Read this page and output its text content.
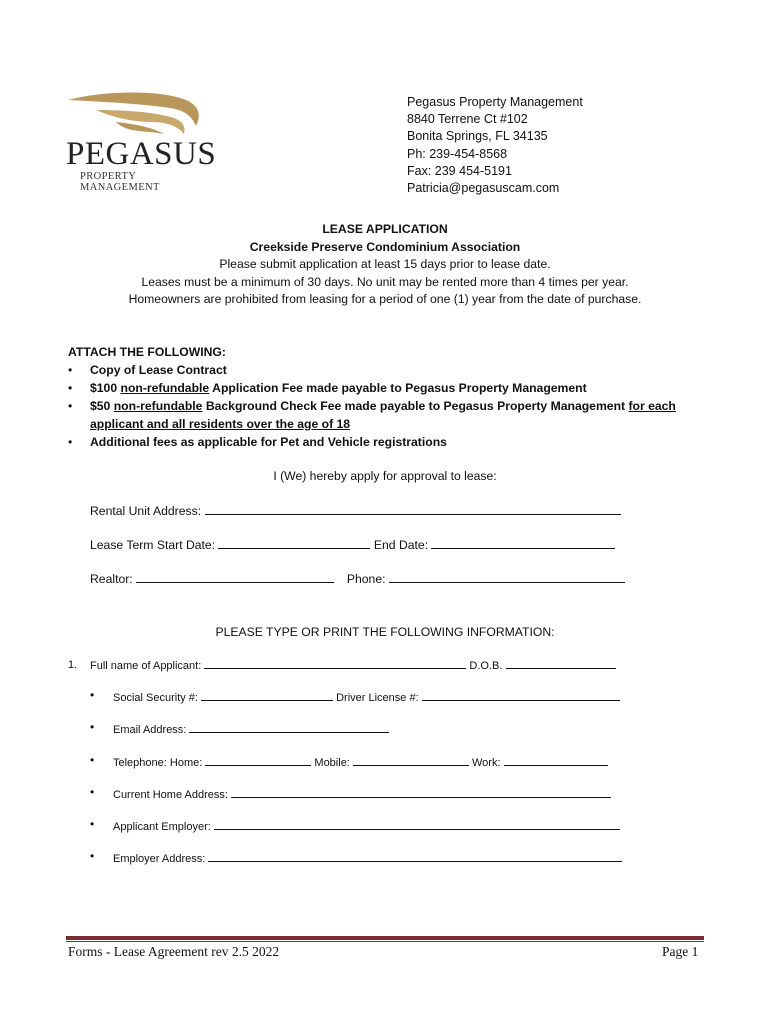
PEGASUS
PROPERTY MANAGEMENT
Pegasus Property Management
8840 Terrene Ct #102
Bonita Springs, FL 34135
Ph: 239-454-8568
Fax: 239 454-5191
Patricia@pegasuscam.com
LEASE APPLICATION
Creekside Preserve Condominium Association
Please submit application at least 15 days prior to lease date.
Leases must be a minimum of 30 days. No unit may be rented more than 4 times per year.
Homeowners are prohibited from leasing for a period of one (1) year from the date of purchase.
ATTACH THE FOLLOWING:
• Copy of Lease Contract
• $100 non-refundable Application Fee made payable to Pegasus Property Management
• $50 non-refundable Background Check Fee made payable to Pegasus Property Management for each
applicant and all residents over the age of 18
• Additional fees as applicable for Pet and Vehicle registrations
I (We) hereby apply for approval to lease:
Rental Unit Address:
Lease Term Start Date:	End Date:
Realtor:	Phone:
PLEASE TYPE OR PRINT THE FOLLOWING INFORMATION:
1. Full name of Applicant:	D.O.B.
• Social Security #:	Driver License #:
• Email Address:
• Telephone: Home:	Mobile:	Work:
• Current Home Address:
• Applicant Employer:
• Employer Address:
Forms - Lease Agreement rev 2.5 2022	Page 1
